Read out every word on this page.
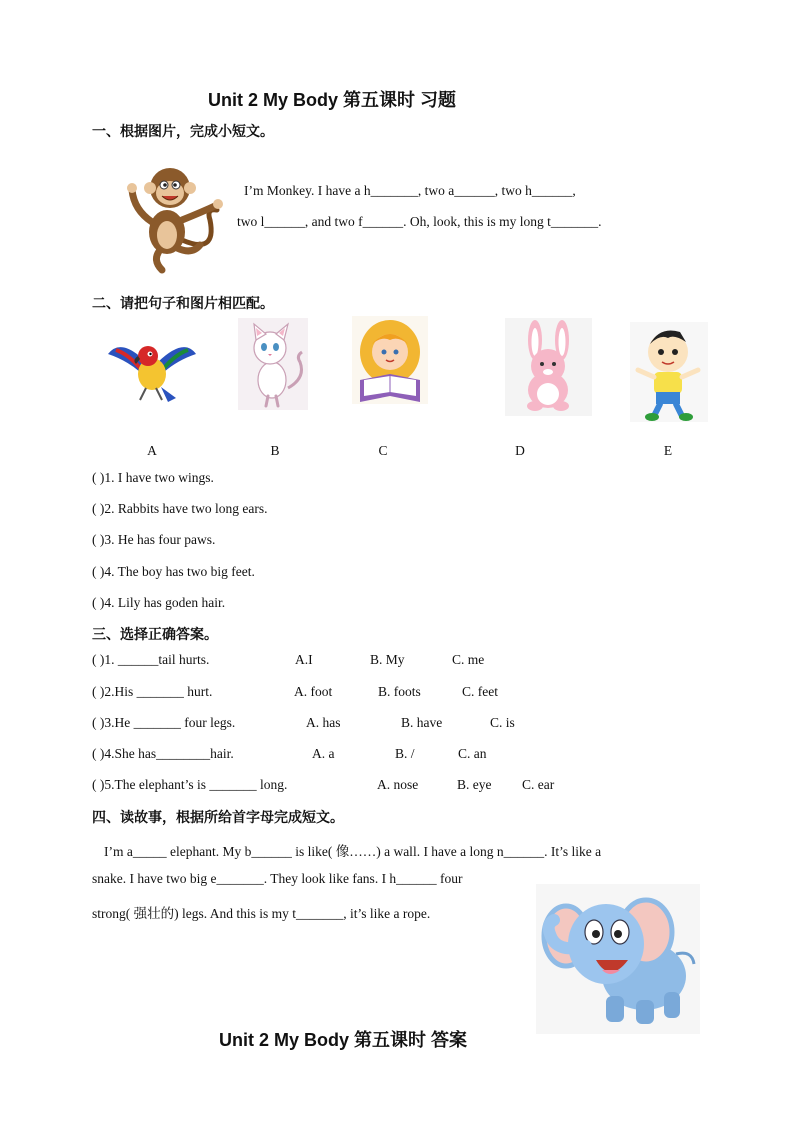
Unit 2 My Body 第五课时 习题
一、根据图片，完成小短文。
I’m Monkey. I have a h_______, two a______, two h______,
two l______, and two f______. Oh, look, this is my long t_______.
二、请把句子和图片相匹配。
A	B	C	D	E
( )1. I have two wings.
( )2. Rabbits have two long ears.
( )3. He has four paws.
( )4. The boy has two big feet.
( )4. Lily has goden hair.
三、选择正确答案。
( )1. ______tail hurts.	A.I	B. My	C. me
( )2.His _______ hurt.	A. foot	B. foots	C. feet
( )3.He _______ four legs.	A. has	B. have	C. is
( )4.She has________hair.	A. a	B. /	C. an
( )5.The elephant’s is _______ long.	A. nose	B. eye C. ear
四、读故事，根据所给首字母完成短文。
I’m a_____ elephant. My b______ is like( 像……) a wall. I have a long n______. It’s like a
snake. I have two big e_______. They look like fans. I h______ four
strong( 强壮的) legs. And this is my t_______, it’s like a rope.
Unit 2 My Body 第五课时 答案
